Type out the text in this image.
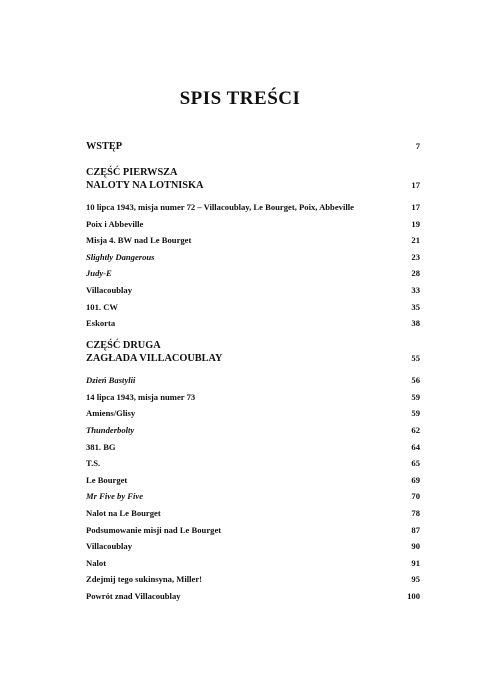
SPIS TREŚCI
WSTĘP	7
CZĘŚĆ PIERWSZA
NALOTY NA LOTNISKA	17
10 lipca 1943, misja numer 72 – Villacoublay, Le Bourget, Poix, Abbeville	17
Poix i Abbeville	19
Misja 4. BW nad Le Bourget	21
Slightly Dangerous	23
Judy-E	28
Villacoublay	33
101. CW	35
Eskorta	38
CZĘŚĆ DRUGA
ZAGŁADA VILLACOUBLAY	55
Dzień Bastylii	56
14 lipca 1943, misja numer 73	59
Amiens/Glisy	59
Thunderbolty	62
381. BG	64
T.S.	65
Le Bourget	69
Mr Five by Five	70
Nalot na Le Bourget	78
Podsumowanie misji nad Le Bourget	87
Villacoublay	90
Nalot	91
Zdejmij tego sukinsyna, Miller!	95
Powrót znad Villacoublay	100
